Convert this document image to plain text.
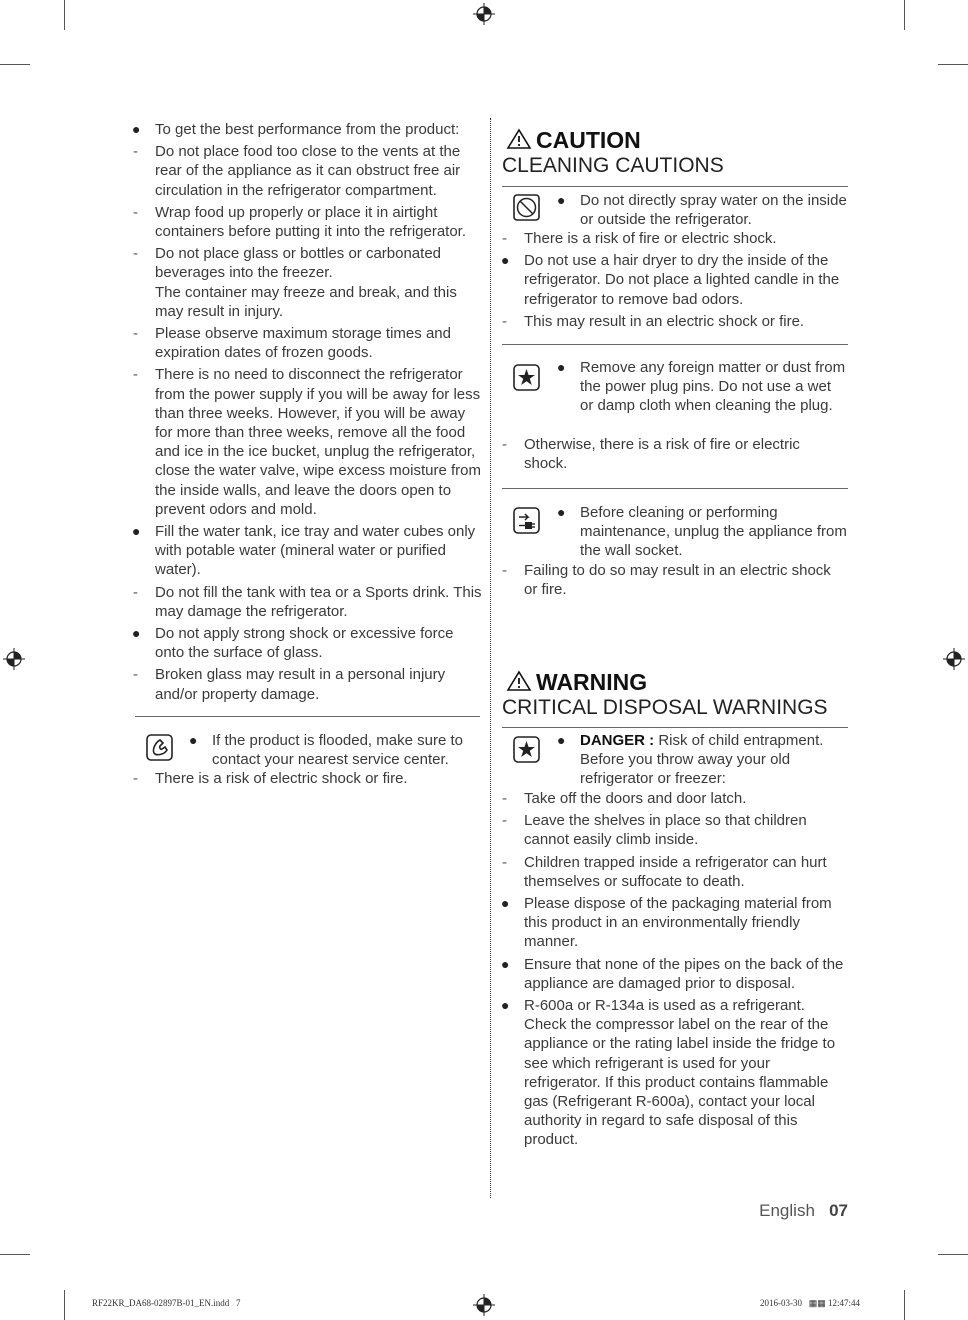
● To get the best performance from the product:
-	Do not place food too close to the vents at the rear of the appliance as it can obstruct free air circulation in the refrigerator compartment.
-	Wrap food up properly or place it in airtight containers before putting it into the refrigerator.
-	Do not place glass or bottles or carbonated beverages into the freezer.
The container may freeze and break, and this may result in injury.
-	Please observe maximum storage times and expiration dates of frozen goods.
-	There is no need to disconnect the refrigerator from the power supply if you will be away for less than three weeks. However, if you will be away for more than three weeks, remove all the food and ice in the ice bucket, unplug the refrigerator, close the water valve, wipe excess moisture from the inside walls, and leave the doors open to prevent odors and mold.
● Fill the water tank, ice tray and water cubes only with potable water (mineral water or purified water).
-	Do not fill the tank with tea or a Sports drink. This may damage the refrigerator.
● Do not apply strong shock or excessive force onto the surface of glass.
-	Broken glass may result in a personal injury and/or property damage.
● If the product is flooded, make sure to contact your nearest service center.
-	There is a risk of electric shock or fire.
CAUTION
CLEANING CAUTIONS
● Do not directly spray water on the inside or outside the refrigerator.
-	There is a risk of fire or electric shock.
● Do not use a hair dryer to dry the inside of the refrigerator. Do not place a lighted candle in the refrigerator to remove bad odors.
-	This may result in an electric shock or fire.
● Remove any foreign matter or dust from the power plug pins. Do not use a wet or damp cloth when cleaning the plug.
-	Otherwise, there is a risk of fire or electric shock.
● Before cleaning or performing maintenance, unplug the appliance from the wall socket.
-	Failing to do so may result in an electric shock or fire.
WARNING
CRITICAL DISPOSAL WARNINGS
● DANGER : Risk of child entrapment. Before you throw away your old refrigerator or freezer:
-	Take off the doors and door latch.
-	Leave the shelves in place so that children cannot easily climb inside.
-	Children trapped inside a refrigerator can hurt themselves or suffocate to death.
● Please dispose of the packaging material from this product in an environmentally friendly manner.
● Ensure that none of the pipes on the back of the appliance are damaged prior to disposal.
● R-600a or R-134a is used as a refrigerant. Check the compressor label on the rear of the appliance or the rating label inside the fridge to see which refrigerant is used for your refrigerator. If this product contains flammable gas (Refrigerant R-600a), contact your local authority in regard to safe disposal of this product.
English 07
RF22KR_DA68-02897B-01_EN.indd   7	2016-03-30   ▦▦ 12:47:44
